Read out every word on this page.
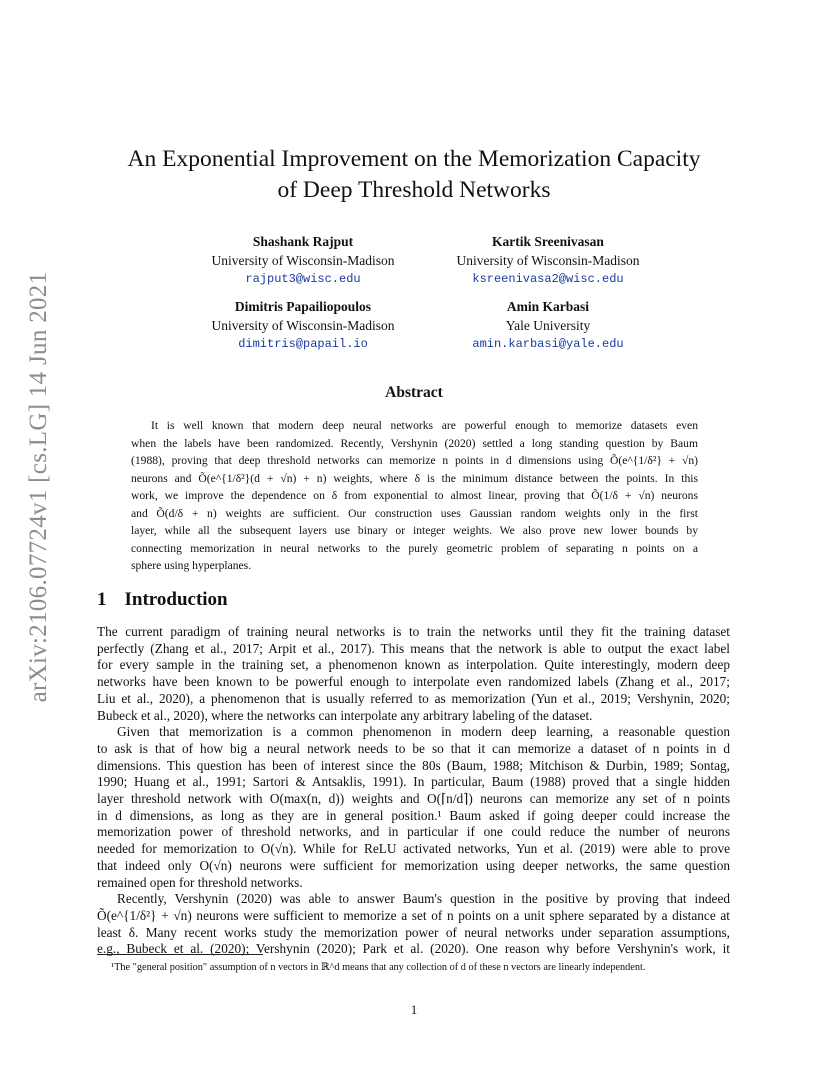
arXiv:2106.07724v1 [cs.LG] 14 Jun 2021
An Exponential Improvement on the Memorization Capacity
of Deep Threshold Networks
Shashank Rajput
University of Wisconsin-Madison
rajput3@wisc.edu
Kartik Sreenivasan
University of Wisconsin-Madison
ksreenivasa2@wisc.edu
Dimitris Papailiopoulos
University of Wisconsin-Madison
dimitris@papail.io
Amin Karbasi
Yale University
amin.karbasi@yale.edu
Abstract
It is well known that modern deep neural networks are powerful enough to memorize datasets even
when the labels have been randomized. Recently, Vershynin (2020) settled a long standing question by Baum
(1988), proving that deep threshold networks can memorize n points in d dimensions using Õ(e^{1/δ²} + √n)
neurons and Õ(e^{1/δ²}(d + √n) + n) weights, where δ is the minimum distance between the points. In this
work, we improve the dependence on δ from exponential to almost linear, proving that Õ(1/δ + √n) neurons
and Õ(d/δ + n) weights are sufficient. Our construction uses Gaussian random weights only in the first
layer, while all the subsequent layers use binary or integer weights. We also prove new lower bounds by
connecting memorization in neural networks to the purely geometric problem of separating n points on a
sphere using hyperplanes.
1 Introduction
The current paradigm of training neural networks is to train the networks until they fit the training dataset
perfectly (Zhang et al., 2017; Arpit et al., 2017). This means that the network is able to output the exact label
for every sample in the training set, a phenomenon known as interpolation. Quite interestingly, modern deep
networks have been known to be powerful enough to interpolate even randomized labels (Zhang et al., 2017;
Liu et al., 2020), a phenomenon that is usually referred to as memorization (Yun et al., 2019; Vershynin, 2020;
Bubeck et al., 2020), where the networks can interpolate any arbitrary labeling of the dataset.
Given that memorization is a common phenomenon in modern deep learning, a reasonable question
to ask is that of how big a neural network needs to be so that it can memorize a dataset of n points in d
dimensions. This question has been of interest since the 80s (Baum, 1988; Mitchison & Durbin, 1989; Sontag,
1990; Huang et al., 1991; Sartori & Antsaklis, 1991). In particular, Baum (1988) proved that a single hidden
layer threshold network with O(max(n, d)) weights and O(⌈n/d⌉) neurons can memorize any set of n points
in d dimensions, as long as they are in general position.¹ Baum asked if going deeper could increase the
memorization power of threshold networks, and in particular if one could reduce the number of neurons
needed for memorization to O(√n). While for ReLU activated networks, Yun et al. (2019) were able to prove
that indeed only O(√n) neurons were sufficient for memorization using deeper networks, the same question
remained open for threshold networks.
Recently, Vershynin (2020) was able to answer Baum's question in the positive by proving that indeed
Õ(e^{1/δ²} + √n) neurons were sufficient to memorize a set of n points on a unit sphere separated by a distance at
least δ. Many recent works study the memorization power of neural networks under separation assumptions,
e.g., Bubeck et al. (2020); Vershynin (2020); Park et al. (2020). One reason why before Vershynin's work, it
¹The "general position" assumption of n vectors in ℝ^d means that any collection of d of these n vectors are linearly independent.
1
